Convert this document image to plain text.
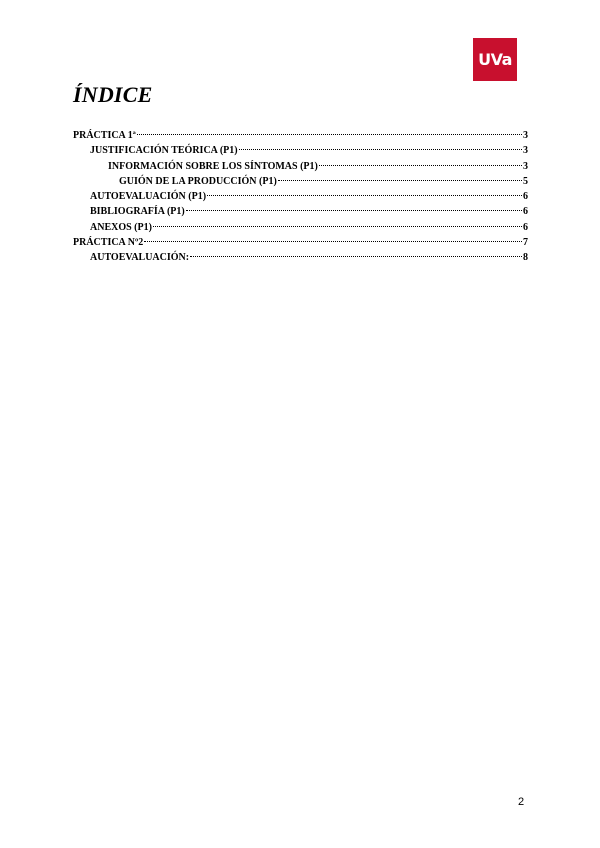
UVa
ÍNDICE
PRÁCTICA 1ª	3
JUSTIFICACIÓN TEÓRICA (P1)	3
INFORMACIÓN SOBRE LOS SÍNTOMAS (P1)	3
GUIÓN DE LA PRODUCCIÓN (P1)	5
AUTOEVALUACIÓN (P1)	6
BIBLIOGRAFÍA (P1)	6
ANEXOS (P1)	6
PRÁCTICA Nº2	7
AUTOEVALUACIÓN:	8
2
